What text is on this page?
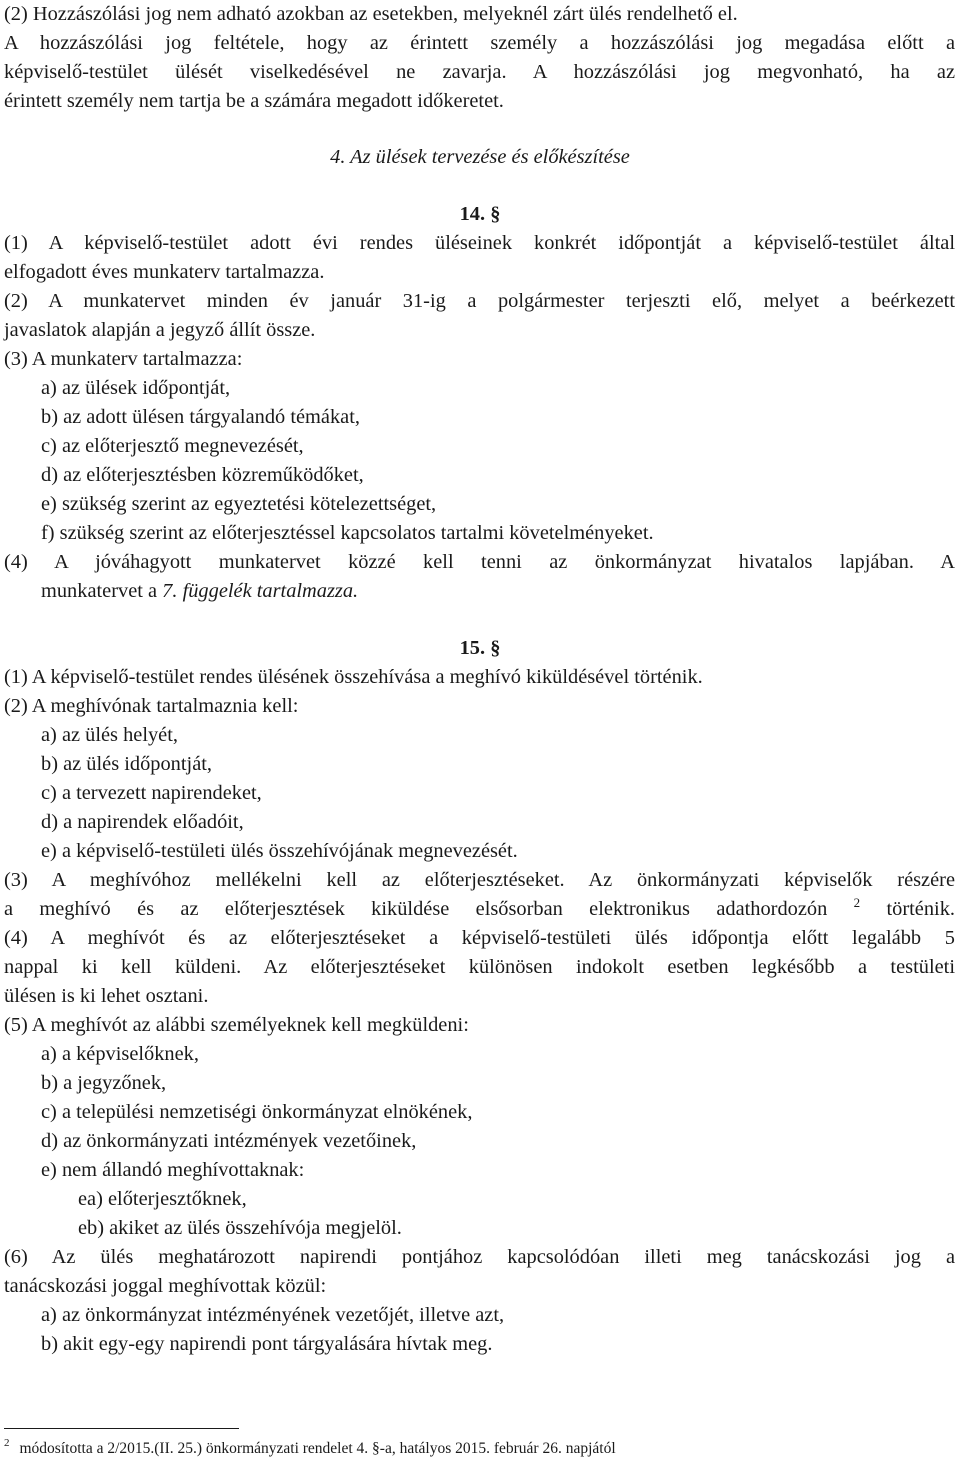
(2) Hozzászólási jog nem adható azokban az esetekben, melyeknél zárt ülés rendelhető el.
A hozzászólási jog feltétele, hogy az érintett személy a hozzászólási jog megadása előtt a
képviselő-testület ülését viselkedésével ne zavarja. A hozzászólási jog megvonható, ha az
érintett személy nem tartja be a számára megadott időkeretet.
4. Az ülések tervezése és előkészítése
14. §
(1) A képviselő-testület adott évi rendes üléseinek konkrét időpontját a képviselő-testület által
elfogadott éves munkaterv tartalmazza.
(2) A munkatervet minden év január 31-ig a polgármester terjeszti elő, melyet a beérkezett
javaslatok alapján a jegyző állít össze.
(3) A munkaterv tartalmazza:
a) az ülések időpontját,
b) az adott ülésen tárgyalandó témákat,
c) az előterjesztő megnevezését,
d) az előterjesztésben közreműködőket,
e) szükség szerint az egyeztetési kötelezettséget,
f) szükség szerint az előterjesztéssel kapcsolatos tartalmi követelményeket.
(4) A jóváhagyott munkatervet közzé kell tenni az önkormányzat hivatalos lapjában. A
munkatervet a 7. függelék tartalmazza.
15. §
(1) A képviselő-testület rendes ülésének összehívása a meghívó kiküldésével történik.
(2) A meghívónak tartalmaznia kell:
a) az ülés helyét,
b) az ülés időpontját,
c) a tervezett napirendeket,
d) a napirendek előadóit,
e) a képviselő-testületi ülés összehívójának megnevezését.
(3) A meghívóhoz mellékelni kell az előterjesztéseket. Az önkormányzati képviselők részére
a meghívó és az előterjesztések kiküldése elsősorban elektronikus adathordozón $^2$ történik.
(4) A meghívót és az előterjesztéseket a képviselő-testületi ülés időpontja előtt legalább 5
nappal ki kell küldeni. Az előterjesztéseket különösen indokolt esetben legkésőbb a testületi
ülésen is ki lehet osztani.
(5) A meghívót az alábbi személyeknek kell megküldeni:
a) a képviselőknek,
b) a jegyzőnek,
c) a települési nemzetiségi önkormányzat elnökének,
d) az önkormányzati intézmények vezetőinek,
e) nem állandó meghívottaknak:
ea) előterjesztőknek,
eb) akiket az ülés összehívója megjelöl.
(6) Az ülés meghatározott napirendi pontjához kapcsolódóan illeti meg tanácskozási jog a
tanácskozási joggal meghívottak közül:
a) az önkormányzat intézményének vezetőjét, illetve azt,
b) akit egy-egy napirendi pont tárgyalására hívtak meg.
$^2$ módosította a 2/2015.(II. 25.) önkormányzati rendelet 4. §-a, hatályos 2015. február 26. napjától
